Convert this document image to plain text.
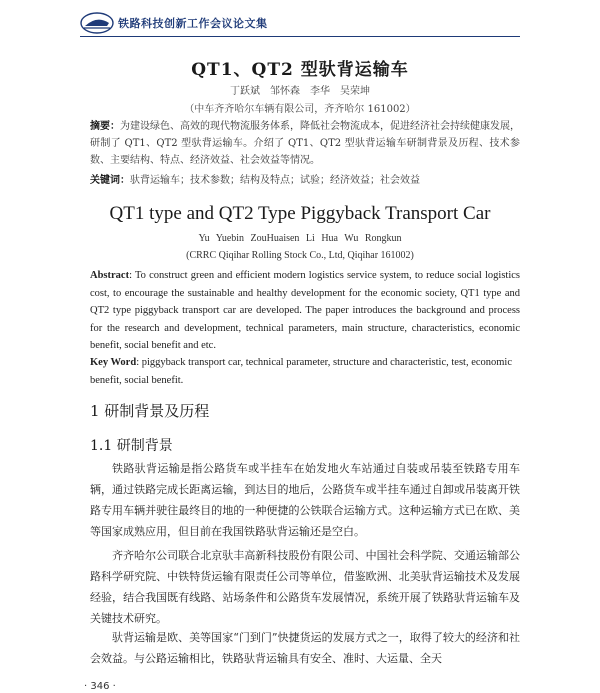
铁路科技创新工作会议论文集
QT1、QT2 型驮背运输车
丁跃斌　邹怀森　李华　吴荣坤
（中车齐齐哈尔车辆有限公司，齐齐哈尔 161002）
摘要：为建设绿色、高效的现代物流服务体系，降低社会物流成本，促进经济社会持续健康发展，研制了 QT1、QT2 型驮背运输车。介绍了 QT1、QT2 型驮背运输车研制背景及历程、技术参数、主要结构、特点、经济效益、社会效益等情况。
关键词：驮背运输车；技术参数；结构及特点；试验；经济效益；社会效益
QT1 type and QT2 Type Piggyback Transport Car
Yu Yuebin ZouHuaisen Li Hua Wu Rongkun
(CRRC Qiqihar Rolling Stock Co., Ltd, Qiqihar 161002)
Abstract: To construct green and efficient modern logistics service system, to reduce social logistics cost, to encourage the sustainable and healthy development for the economic society, QT1 type and QT2 type piggyback transport car are developed. The paper introduces the background and process for the research and development, technical parameters, main structure, characteristics, economic benefit, social benefit and etc.
Key Word: piggyback transport car, technical parameter, structure and characteristic, test, economic benefit, social benefit.
1 研制背景及历程
1.1 研制背景

铁路驮背运输是指公路货车或半挂车在始发地火车站通过自装或吊装至铁路专用车辆，通过铁路完成长距离运输，到达目的地后，公路货车或半挂车通过自卸或吊装离开铁路专用车辆并驶往最终目的地的一种便捷的公铁联合运输方式。这种运输方式已在欧、美等国家成熟应用，但目前在我国铁路驮背运输还是空白。

齐齐哈尔公司联合北京驮丰高新科技股份有限公司、中国社会科学院、交通运输部公路科学研究院、中铁特货运输有限责任公司等单位，借鉴欧洲、北美驮背运输技术及发展经验，结合我国既有线路、站场条件和公路货车发展情况，系统开展了铁路驮背运输车及关键技术研究。

驮背运输是欧、美等国家“门到门”快捷货运的发展方式之一，取得了较大的经济和社会效益。与公路运输相比，铁路驮背运输具有安全、准时、大运量、全天

· 346 ·
